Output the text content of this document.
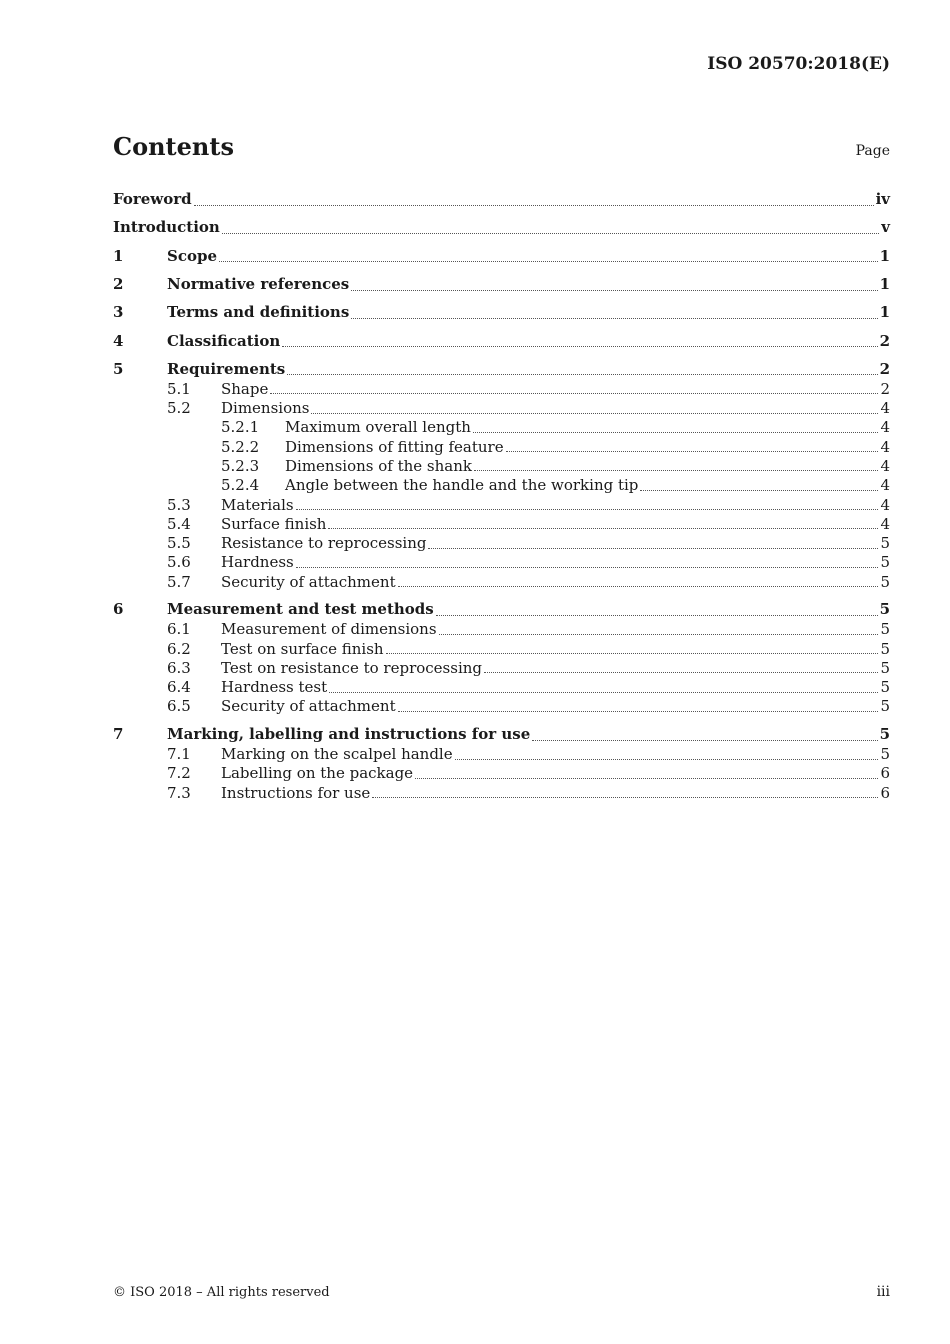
ISO 20570:2018(E)
Contents	Page
Foreword	iv
Introduction	v
1	Scope	1
2	Normative references	1
3	Terms and definitions	1
4	Classification	2
5	Requirements	2
5.1	Shape	2
5.2	Dimensions	4
5.2.1	Maximum overall length	4
5.2.2	Dimensions of fitting feature	4
5.2.3	Dimensions of the shank	4
5.2.4	Angle between the handle and the working tip	4
5.3	Materials	4
5.4	Surface finish	4
5.5	Resistance to reprocessing	5
5.6	Hardness	5
5.7	Security of attachment	5
6	Measurement and test methods	5
6.1	Measurement of dimensions	5
6.2	Test on surface finish	5
6.3	Test on resistance to reprocessing	5
6.4	Hardness test	5
6.5	Security of attachment	5
7	Marking, labelling and instructions for use	5
7.1	Marking on the scalpel handle	5
7.2	Labelling on the package	6
7.3	Instructions for use	6
© ISO 2018 – All rights reserved	iii
